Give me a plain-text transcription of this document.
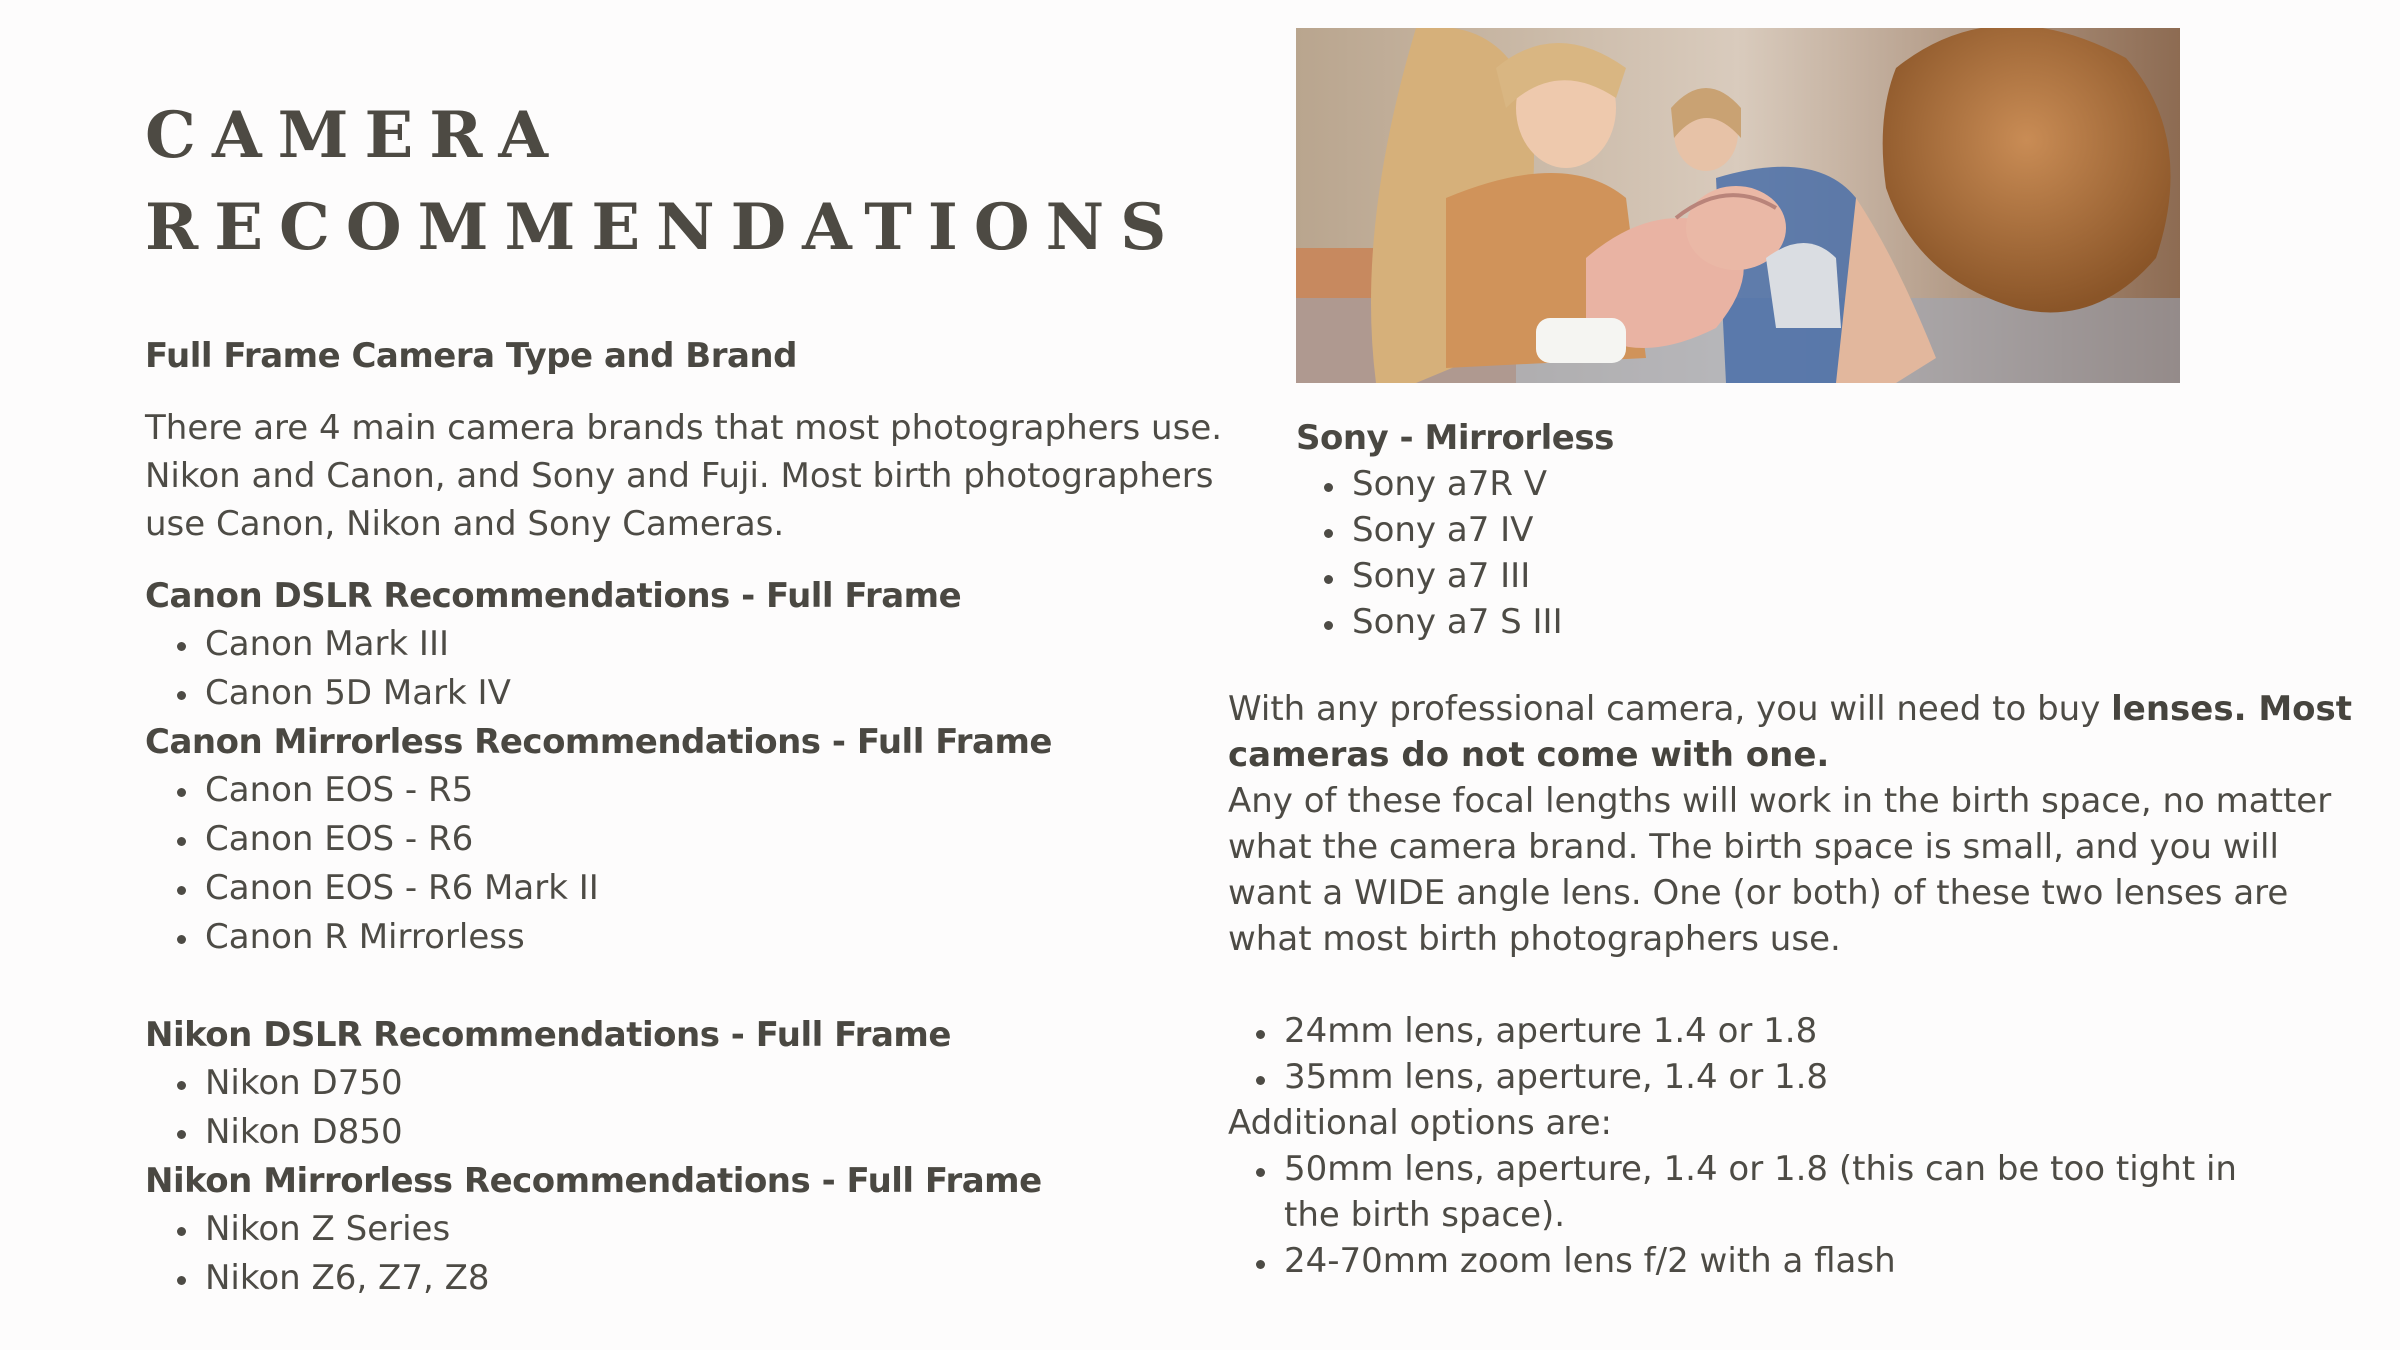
CAMERA
RECOMMENDATIONS

Full Frame Camera Type and Brand

There are 4 main camera brands that most photographers use. Nikon and Canon, and Sony and Fuji. Most birth photographers use Canon, Nikon and Sony Cameras.

Canon DSLR Recommendations - Full Frame

Canon Mark III
Canon 5D Mark IV

Canon Mirrorless Recommendations - Full Frame

Canon EOS - R5
Canon EOS - R6
Canon EOS - R6 Mark II
Canon R Mirrorless

Nikon DSLR Recommendations - Full Frame

Nikon D750
Nikon D850

Nikon Mirrorless Recommendations - Full Frame

Nikon Z Series
Nikon Z6, Z7, Z8

Sony - Mirrorless

Sony a7R V
Sony a7 IV
Sony a7 III
Sony a7 S III

With any professional camera, you will need to buy lenses. Most cameras do not come with one.

Any of these focal lengths will work in the birth space, no matter what the camera brand. The birth space is small, and you will want a WIDE angle lens. One (or both) of these two lenses are what most birth photographers use.

24mm lens, aperture 1.4 or 1.8
35mm lens, aperture, 1.4 or 1.8

Additional options are:

50mm lens, aperture, 1.4 or 1.8 (this can be too tight in the birth space).
24-70mm zoom lens f/2 with a flash
